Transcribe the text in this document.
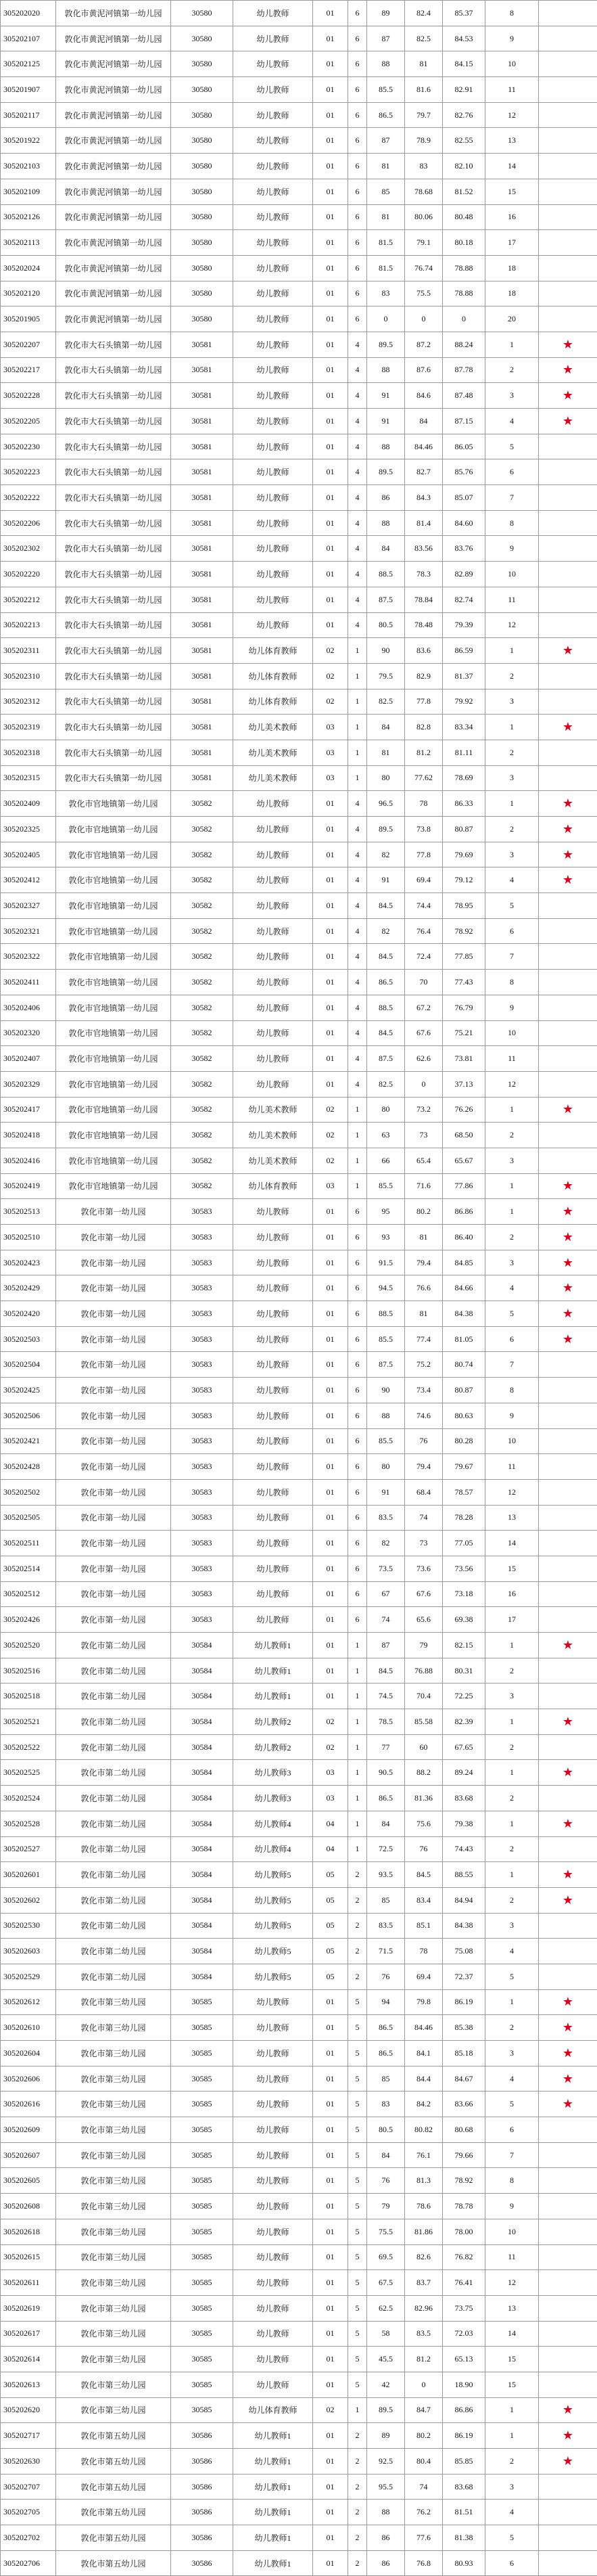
305202020	敦化市黄泥河镇第一幼儿园	30580	幼儿教师	01	6	89	82.4	85.37	8	
305202107	敦化市黄泥河镇第一幼儿园	30580	幼儿教师	01	6	87	82.5	84.53	9	
305202125	敦化市黄泥河镇第一幼儿园	30580	幼儿教师	01	6	88	81	84.15	10	
305201907	敦化市黄泥河镇第一幼儿园	30580	幼儿教师	01	6	85.5	81.6	82.91	11	
305202117	敦化市黄泥河镇第一幼儿园	30580	幼儿教师	01	6	86.5	79.7	82.76	12	
305201922	敦化市黄泥河镇第一幼儿园	30580	幼儿教师	01	6	87	78.9	82.55	13	
305202103	敦化市黄泥河镇第一幼儿园	30580	幼儿教师	01	6	81	83	82.10	14	
305202109	敦化市黄泥河镇第一幼儿园	30580	幼儿教师	01	6	85	78.68	81.52	15	
305202126	敦化市黄泥河镇第一幼儿园	30580	幼儿教师	01	6	81	80.06	80.48	16	
305202113	敦化市黄泥河镇第一幼儿园	30580	幼儿教师	01	6	81.5	79.1	80.18	17	
305202024	敦化市黄泥河镇第一幼儿园	30580	幼儿教师	01	6	81.5	76.74	78.88	18	
305202120	敦化市黄泥河镇第一幼儿园	30580	幼儿教师	01	6	83	75.5	78.88	18	
305201905	敦化市黄泥河镇第一幼儿园	30580	幼儿教师	01	6	0	0	0	20	
305202207	敦化市大石头镇第一幼儿园	30581	幼儿教师	01	4	89.5	87.2	88.24	1	★
305202217	敦化市大石头镇第一幼儿园	30581	幼儿教师	01	4	88	87.6	87.78	2	★
305202228	敦化市大石头镇第一幼儿园	30581	幼儿教师	01	4	91	84.6	87.48	3	★
305202205	敦化市大石头镇第一幼儿园	30581	幼儿教师	01	4	91	84	87.15	4	★
305202230	敦化市大石头镇第一幼儿园	30581	幼儿教师	01	4	88	84.46	86.05	5	
305202223	敦化市大石头镇第一幼儿园	30581	幼儿教师	01	4	89.5	82.7	85.76	6	
305202222	敦化市大石头镇第一幼儿园	30581	幼儿教师	01	4	86	84.3	85.07	7	
305202206	敦化市大石头镇第一幼儿园	30581	幼儿教师	01	4	88	81.4	84.60	8	
305202302	敦化市大石头镇第一幼儿园	30581	幼儿教师	01	4	84	83.56	83.76	9	
305202220	敦化市大石头镇第一幼儿园	30581	幼儿教师	01	4	88.5	78.3	82.89	10	
305202212	敦化市大石头镇第一幼儿园	30581	幼儿教师	01	4	87.5	78.84	82.74	11	
305202213	敦化市大石头镇第一幼儿园	30581	幼儿教师	01	4	80.5	78.48	79.39	12	
305202311	敦化市大石头镇第一幼儿园	30581	幼儿体育教师	02	1	90	83.6	86.59	1	★
305202310	敦化市大石头镇第一幼儿园	30581	幼儿体育教师	02	1	79.5	82.9	81.37	2	
305202312	敦化市大石头镇第一幼儿园	30581	幼儿体育教师	02	1	82.5	77.8	79.92	3	
305202319	敦化市大石头镇第一幼儿园	30581	幼儿美术教师	03	1	84	82.8	83.34	1	★
305202318	敦化市大石头镇第一幼儿园	30581	幼儿美术教师	03	1	81	81.2	81.11	2	
305202315	敦化市大石头镇第一幼儿园	30581	幼儿美术教师	03	1	80	77.62	78.69	3	
305202409	敦化市官地镇第一幼儿园	30582	幼儿教师	01	4	96.5	78	86.33	1	★
305202325	敦化市官地镇第一幼儿园	30582	幼儿教师	01	4	89.5	73.8	80.87	2	★
305202405	敦化市官地镇第一幼儿园	30582	幼儿教师	01	4	82	77.8	79.69	3	★
305202412	敦化市官地镇第一幼儿园	30582	幼儿教师	01	4	91	69.4	79.12	4	★
305202327	敦化市官地镇第一幼儿园	30582	幼儿教师	01	4	84.5	74.4	78.95	5	
305202321	敦化市官地镇第一幼儿园	30582	幼儿教师	01	4	82	76.4	78.92	6	
305202322	敦化市官地镇第一幼儿园	30582	幼儿教师	01	4	84.5	72.4	77.85	7	
305202411	敦化市官地镇第一幼儿园	30582	幼儿教师	01	4	86.5	70	77.43	8	
305202406	敦化市官地镇第一幼儿园	30582	幼儿教师	01	4	88.5	67.2	76.79	9	
305202320	敦化市官地镇第一幼儿园	30582	幼儿教师	01	4	84.5	67.6	75.21	10	
305202407	敦化市官地镇第一幼儿园	30582	幼儿教师	01	4	87.5	62.6	73.81	11	
305202329	敦化市官地镇第一幼儿园	30582	幼儿教师	01	4	82.5	0	37.13	12	
305202417	敦化市官地镇第一幼儿园	30582	幼儿美术教师	02	1	80	73.2	76.26	1	★
305202418	敦化市官地镇第一幼儿园	30582	幼儿美术教师	02	1	63	73	68.50	2	
305202416	敦化市官地镇第一幼儿园	30582	幼儿美术教师	02	1	66	65.4	65.67	3	
305202419	敦化市官地镇第一幼儿园	30582	幼儿体育教师	03	1	85.5	71.6	77.86	1	★
305202513	敦化市第一幼儿园	30583	幼儿教师	01	6	95	80.2	86.86	1	★
305202510	敦化市第一幼儿园	30583	幼儿教师	01	6	93	81	86.40	2	★
305202423	敦化市第一幼儿园	30583	幼儿教师	01	6	91.5	79.4	84.85	3	★
305202429	敦化市第一幼儿园	30583	幼儿教师	01	6	94.5	76.6	84.66	4	★
305202420	敦化市第一幼儿园	30583	幼儿教师	01	6	88.5	81	84.38	5	★
305202503	敦化市第一幼儿园	30583	幼儿教师	01	6	85.5	77.4	81.05	6	★
305202504	敦化市第一幼儿园	30583	幼儿教师	01	6	87.5	75.2	80.74	7	
305202425	敦化市第一幼儿园	30583	幼儿教师	01	6	90	73.4	80.87	8	
305202506	敦化市第一幼儿园	30583	幼儿教师	01	6	88	74.6	80.63	9	
305202421	敦化市第一幼儿园	30583	幼儿教师	01	6	85.5	76	80.28	10	
305202428	敦化市第一幼儿园	30583	幼儿教师	01	6	80	79.4	79.67	11	
305202502	敦化市第一幼儿园	30583	幼儿教师	01	6	91	68.4	78.57	12	
305202505	敦化市第一幼儿园	30583	幼儿教师	01	6	83.5	74	78.28	13	
305202511	敦化市第一幼儿园	30583	幼儿教师	01	6	82	73	77.05	14	
305202514	敦化市第一幼儿园	30583	幼儿教师	01	6	73.5	73.6	73.56	15	
305202512	敦化市第一幼儿园	30583	幼儿教师	01	6	67	67.6	73.18	16	
305202426	敦化市第一幼儿园	30583	幼儿教师	01	6	74	65.6	69.38	17	
305202520	敦化市第二幼儿园	30584	幼儿教师1	01	1	87	79	82.15	1	★
305202516	敦化市第二幼儿园	30584	幼儿教师1	01	1	84.5	76.88	80.31	2	
305202518	敦化市第二幼儿园	30584	幼儿教师1	01	1	74.5	70.4	72.25	3	
305202521	敦化市第二幼儿园	30584	幼儿教师2	02	1	78.5	85.58	82.39	1	★
305202522	敦化市第二幼儿园	30584	幼儿教师2	02	1	77	60	67.65	2	
305202525	敦化市第二幼儿园	30584	幼儿教师3	03	1	90.5	88.2	89.24	1	★
305202524	敦化市第二幼儿园	30584	幼儿教师3	03	1	86.5	81.36	83.68	2	
305202528	敦化市第二幼儿园	30584	幼儿教师4	04	1	84	75.6	79.38	1	★
305202527	敦化市第二幼儿园	30584	幼儿教师4	04	1	72.5	76	74.43	2	
305202601	敦化市第二幼儿园	30584	幼儿教师5	05	2	93.5	84.5	88.55	1	★
305202602	敦化市第二幼儿园	30584	幼儿教师5	05	2	85	83.4	84.94	2	★
305202530	敦化市第二幼儿园	30584	幼儿教师5	05	2	83.5	85.1	84.38	3	
305202603	敦化市第二幼儿园	30584	幼儿教师5	05	2	71.5	78	75.08	4	
305202529	敦化市第二幼儿园	30584	幼儿教师5	05	2	76	69.4	72.37	5	
305202612	敦化市第三幼儿园	30585	幼儿教师	01	5	94	79.8	86.19	1	★
305202610	敦化市第三幼儿园	30585	幼儿教师	01	5	86.5	84.46	85.38	2	★
305202604	敦化市第三幼儿园	30585	幼儿教师	01	5	86.5	84.1	85.18	3	★
305202606	敦化市第三幼儿园	30585	幼儿教师	01	5	85	84.4	84.67	4	★
305202616	敦化市第三幼儿园	30585	幼儿教师	01	5	83	84.2	83.66	5	★
305202609	敦化市第三幼儿园	30585	幼儿教师	01	5	80.5	80.82	80.68	6	
305202607	敦化市第三幼儿园	30585	幼儿教师	01	5	84	76.1	79.66	7	
305202605	敦化市第三幼儿园	30585	幼儿教师	01	5	76	81.3	78.92	8	
305202608	敦化市第三幼儿园	30585	幼儿教师	01	5	79	78.6	78.78	9	
305202618	敦化市第三幼儿园	30585	幼儿教师	01	5	75.5	81.86	78.00	10	
305202615	敦化市第三幼儿园	30585	幼儿教师	01	5	69.5	82.6	76.82	11	
305202611	敦化市第三幼儿园	30585	幼儿教师	01	5	67.5	83.7	76.41	12	
305202619	敦化市第三幼儿园	30585	幼儿教师	01	5	62.5	82.96	73.75	13	
305202617	敦化市第三幼儿园	30585	幼儿教师	01	5	58	83.5	72.03	14	
305202614	敦化市第三幼儿园	30585	幼儿教师	01	5	45.5	81.2	65.13	15	
305202613	敦化市第三幼儿园	30585	幼儿教师	01	5	42	0	18.90	15	
305202620	敦化市第三幼儿园	30585	幼儿体育教师	02	1	89.5	84.7	86.86	1	★
305202717	敦化市第五幼儿园	30586	幼儿教师1	01	2	89	80.2	86.19	1	★
305202630	敦化市第五幼儿园	30586	幼儿教师1	01	2	92.5	80.4	85.85	2	★
305202707	敦化市第五幼儿园	30586	幼儿教师1	01	2	95.5	74	83.68	3	
305202705	敦化市第五幼儿园	30586	幼儿教师1	01	2	88	76.2	81.51	4	
305202702	敦化市第五幼儿园	30586	幼儿教师1	01	2	86	77.6	81.38	5	
305202706	敦化市第五幼儿园	30586	幼儿教师1	01	2	86	76.8	80.93	6	
